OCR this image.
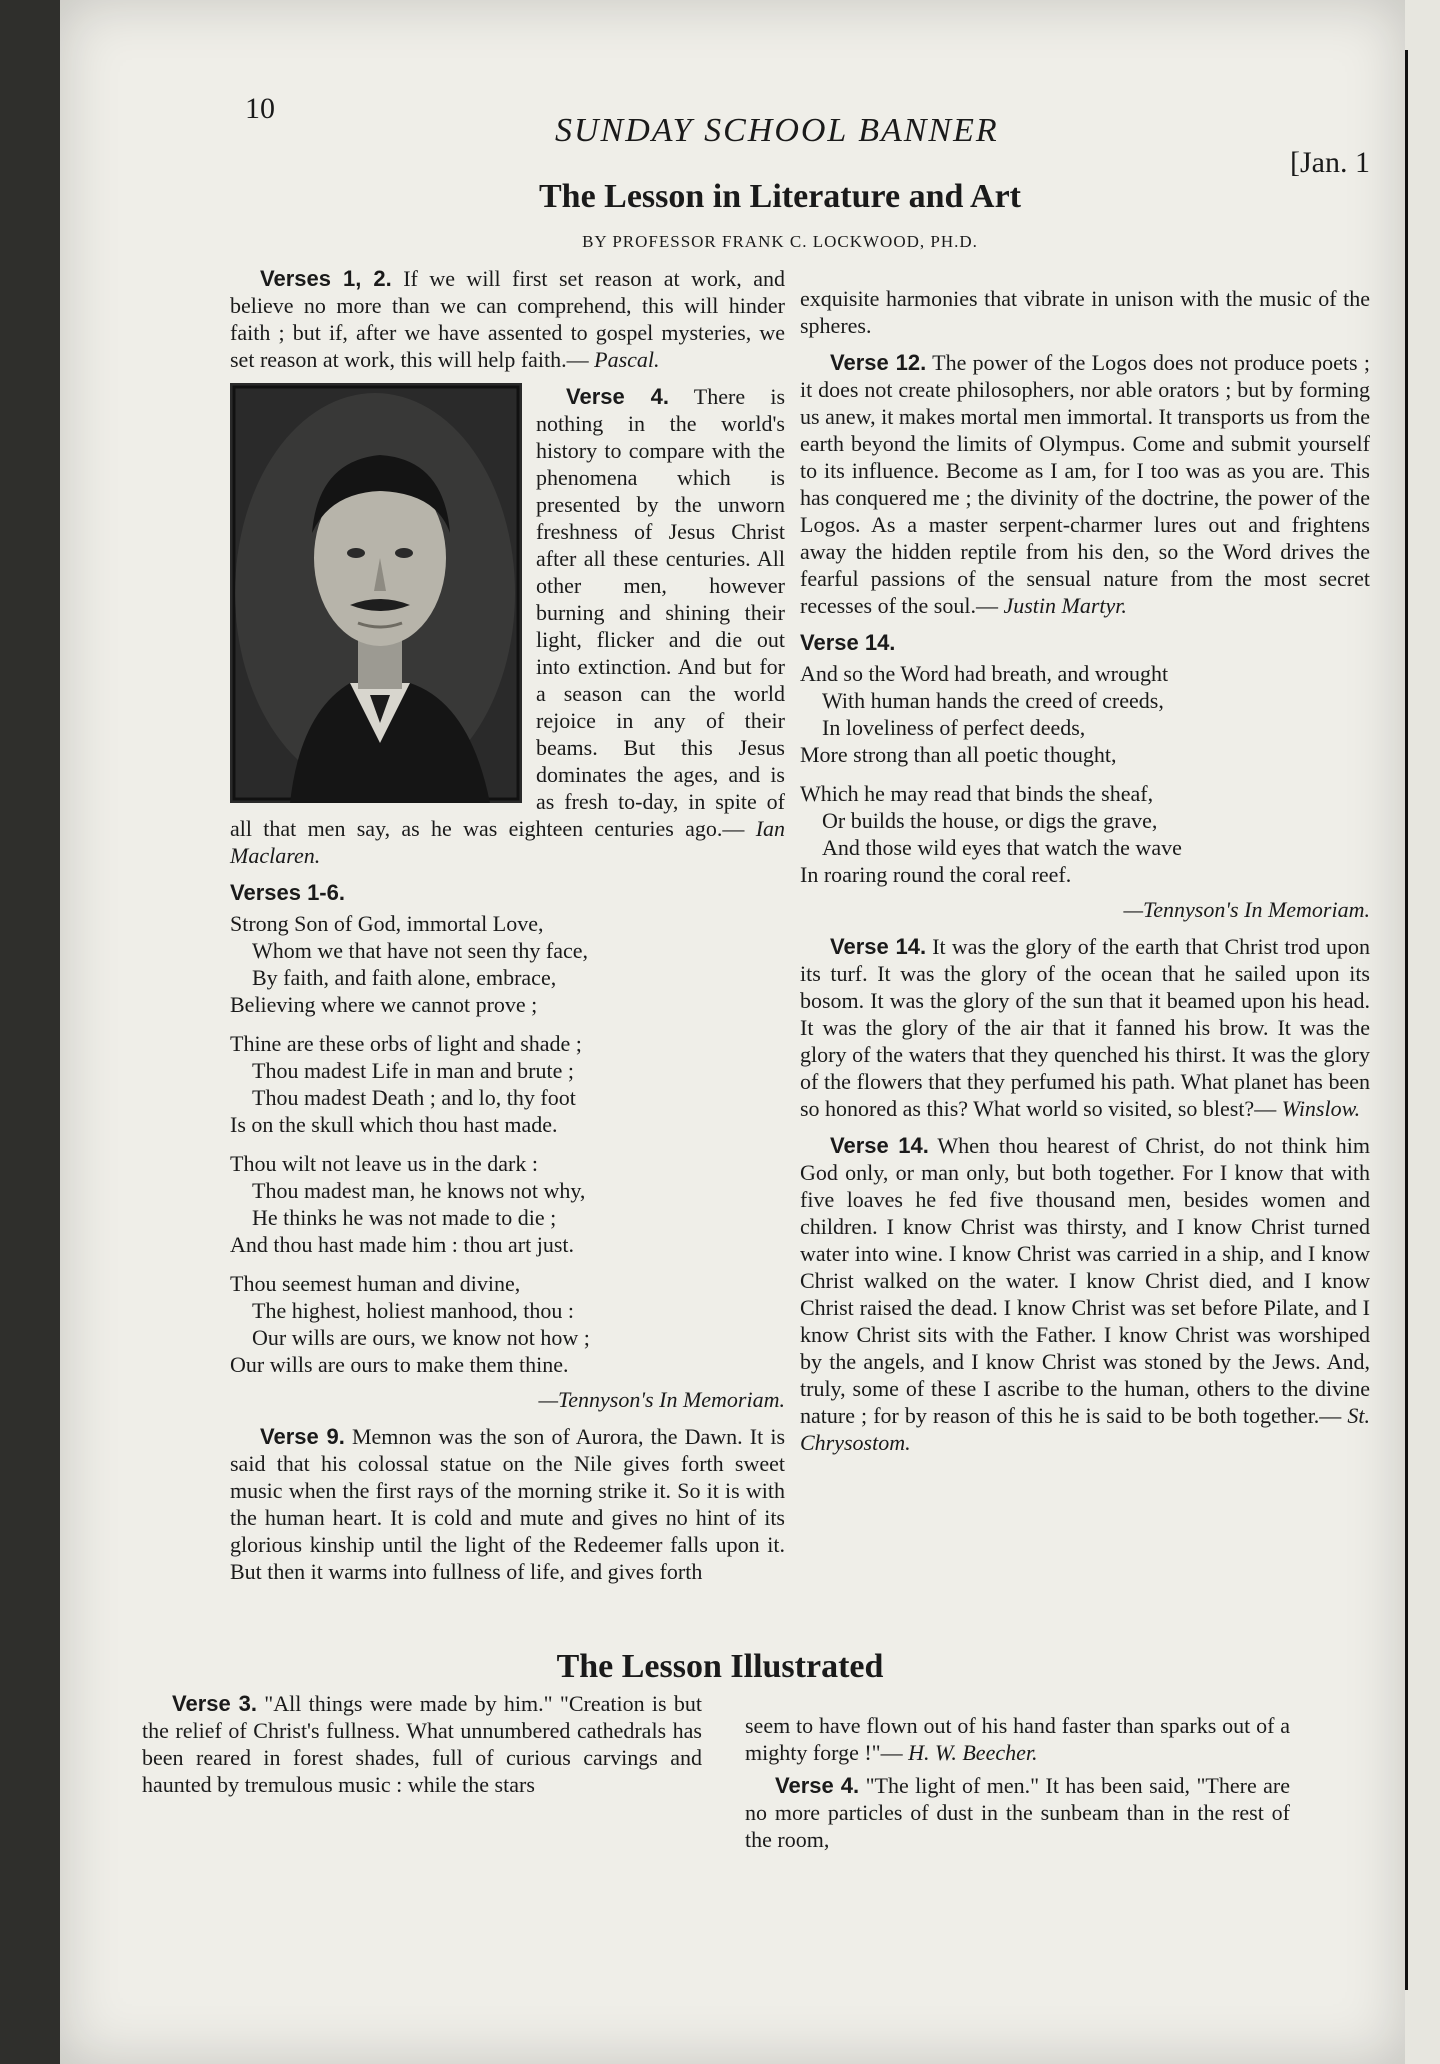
10
SUNDAY SCHOOL BANNER
[Jan. 1
The Lesson in Literature and Art
BY PROFESSOR FRANK C. LOCKWOOD, PH.D.

Verses 1, 2. If we will first set reason at work, and believe no more than we can comprehend, this will hinder faith ; but if, after we have assented to gospel mysteries, we set reason at work, this will help faith.— Pascal.

Verse 4. There is nothing in the world's history to compare with the phenomena which is presented by the unworn freshness of Jesus Christ after all these centuries. All other men, however burning and shining their light, flicker and die out into extinction. And but for a season can the world rejoice in any of their beams. But this Jesus dominates the ages, and is as fresh to-day, in spite of all that men say, as he was eighteen centuries ago.— Ian Maclaren.

Verses 1-6.
Strong Son of God, immortal Love,
Whom we that have not seen thy face,
By faith, and faith alone, embrace,
Believing where we cannot prove ;
Thine are these orbs of light and shade ;
Thou madest Life in man and brute ;
Thou madest Death ; and lo, thy foot
Is on the skull which thou hast made.
Thou wilt not leave us in the dark :
Thou madest man, he knows not why,
He thinks he was not made to die ;
And thou hast made him : thou art just.
Thou seemest human and divine,
The highest, holiest manhood, thou :
Our wills are ours, we know not how ;
Our wills are ours to make them thine.
—Tennyson's In Memoriam.

Verse 9. Memnon was the son of Aurora, the Dawn. It is said that his colossal statue on the Nile gives forth sweet music when the first rays of the morning strike it. So it is with the human heart. It is cold and mute and gives no hint of its glorious kinship until the light of the Redeemer falls upon it. But then it warms into fullness of life, and gives forth

exquisite harmonies that vibrate in unison with the music of the spheres.

Verse 12. The power of the Logos does not produce poets ; it does not create philosophers, nor able orators ; but by forming us anew, it makes mortal men immortal. It transports us from the earth beyond the limits of Olympus. Come and submit yourself to its influence. Become as I am, for I too was as you are. This has conquered me ; the divinity of the doctrine, the power of the Logos. As a master serpent-charmer lures out and frightens away the hidden reptile from his den, so the Word drives the fearful passions of the sensual nature from the most secret recesses of the soul.— Justin Martyr.

Verse 14.
And so the Word had breath, and wrought
With human hands the creed of creeds,
In loveliness of perfect deeds,
More strong than all poetic thought,
Which he may read that binds the sheaf,
Or builds the house, or digs the grave,
And those wild eyes that watch the wave
In roaring round the coral reef.
—Tennyson's In Memoriam.

Verse 14. It was the glory of the earth that Christ trod upon its turf. It was the glory of the ocean that he sailed upon its bosom. It was the glory of the sun that it beamed upon his head. It was the glory of the air that it fanned his brow. It was the glory of the waters that they quenched his thirst. It was the glory of the flowers that they perfumed his path. What planet has been so honored as this? What world so visited, so blest?— Winslow.

Verse 14. When thou hearest of Christ, do not think him God only, or man only, but both together. For I know that with five loaves he fed five thousand men, besides women and children. I know Christ was thirsty, and I know Christ turned water into wine. I know Christ was carried in a ship, and I know Christ walked on the water. I know Christ died, and I know Christ raised the dead. I know Christ was set before Pilate, and I know Christ sits with the Father. I know Christ was worshiped by the angels, and I know Christ was stoned by the Jews. And, truly, some of these I ascribe to the human, others to the divine nature ; for by reason of this he is said to be both together.— St. Chrysostom.

The Lesson Illustrated

Verse 3. "All things were made by him." "Creation is but the relief of Christ's fullness. What unnumbered cathedrals has been reared in forest shades, full of curious carvings and haunted by tremulous music : while the stars

seem to have flown out of his hand faster than sparks out of a mighty forge !"— H. W. Beecher.

Verse 4. "The light of men." It has been said, "There are no more particles of dust in the sunbeam than in the rest of the room,
